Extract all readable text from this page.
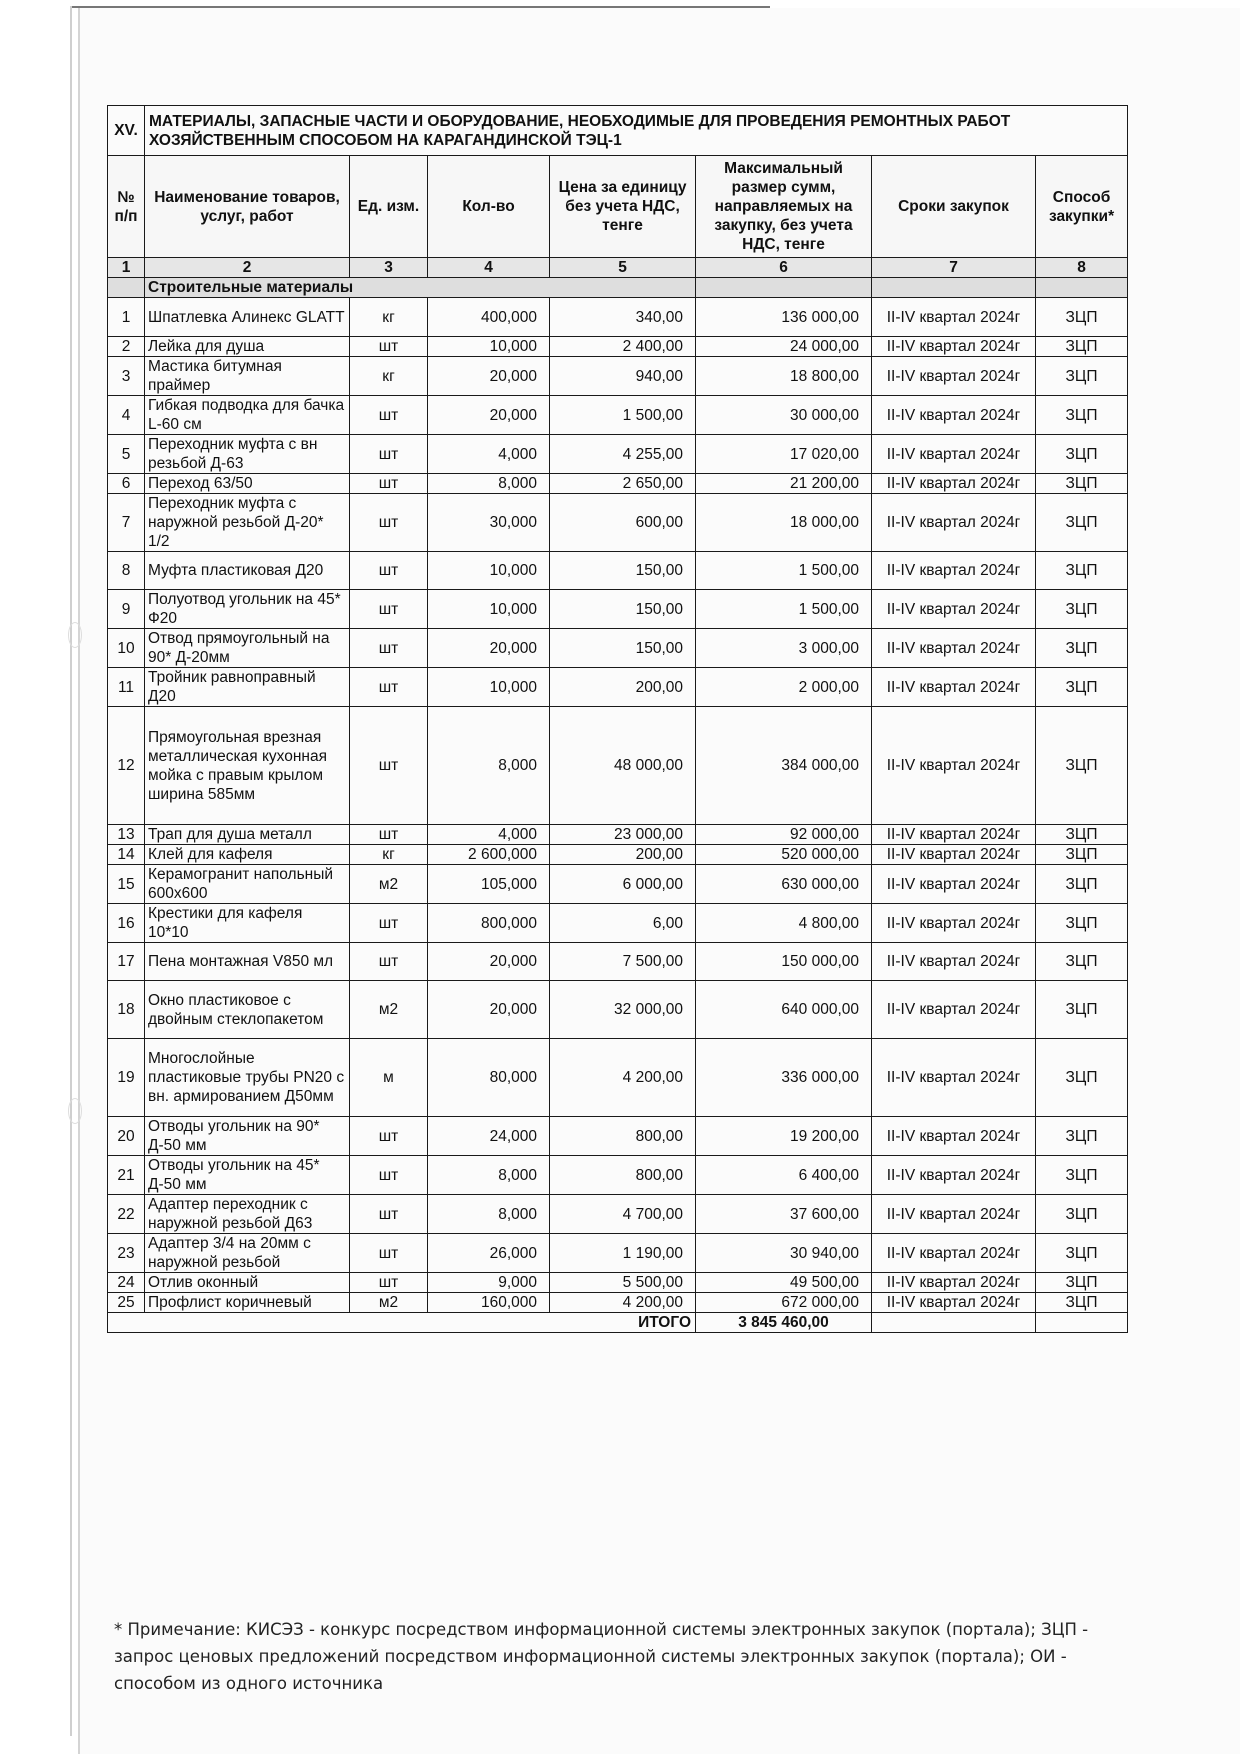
XV.	МАТЕРИАЛЫ, ЗАПАСНЫЕ ЧАСТИ И ОБОРУДОВАНИЕ, НЕОБХОДИМЫЕ ДЛЯ ПРОВЕДЕНИЯ РЕМОНТНЫХ РАБОТ ХОЗЯЙСТВЕННЫМ СПОСОБОМ НА КАРАГАНДИНСКОЙ ТЭЦ-1						
№ п/п	Наименование товаров, услуг, работ	Ед. изм.	Кол-во	Цена за единицу без учета НДС, тенге	Максимальный размер сумм, направляемых на закупку, без учета НДС, тенге	Сроки закупок	Способ закупки*
1	2	3	4	5	6	7	8
	Строительные материалы						
1	Шпатлевка Алинекс GLATT	кг	400,000	340,00	136 000,00	II-IV квартал 2024г	ЗЦП
2	Лейка для душа	шт	10,000	2 400,00	24 000,00	II-IV квартал 2024г	ЗЦП
3	Мастика битумная праймер	кг	20,000	940,00	18 800,00	II-IV квартал 2024г	ЗЦП
4	Гибкая подводка для бачка L-60 см	шт	20,000	1 500,00	30 000,00	II-IV квартал 2024г	ЗЦП
5	Переходник муфта с вн резьбой Д-63	шт	4,000	4 255,00	17 020,00	II-IV квартал 2024г	ЗЦП
6	Переход 63/50	шт	8,000	2 650,00	21 200,00	II-IV квартал 2024г	ЗЦП
7	Переходник муфта с наружной резьбой Д-20* 1/2	шт	30,000	600,00	18 000,00	II-IV квартал 2024г	ЗЦП
8	Муфта пластиковая Д20	шт	10,000	150,00	1 500,00	II-IV квартал 2024г	ЗЦП
9	Полуотвод угольник на 45* Ф20	шт	10,000	150,00	1 500,00	II-IV квартал 2024г	ЗЦП
10	Отвод прямоугольный на 90* Д-20мм	шт	20,000	150,00	3 000,00	II-IV квартал 2024г	ЗЦП
11	Тройник равноправный Д20	шт	10,000	200,00	2 000,00	II-IV квартал 2024г	ЗЦП
12	Прямоугольная врезная металлическая кухонная мойка с правым крылом ширина 585мм	шт	8,000	48 000,00	384 000,00	II-IV квартал 2024г	ЗЦП
13	Трап для душа металл	шт	4,000	23 000,00	92 000,00	II-IV квартал 2024г	ЗЦП
14	Клей для кафеля	кг	2 600,000	200,00	520 000,00	II-IV квартал 2024г	ЗЦП
15	Керамогранит напольный 600х600	м2	105,000	6 000,00	630 000,00	II-IV квартал 2024г	ЗЦП
16	Крестики для кафеля 10*10	шт	800,000	6,00	4 800,00	II-IV квартал 2024г	ЗЦП
17	Пена монтажная V850 мл	шт	20,000	7 500,00	150 000,00	II-IV квартал 2024г	ЗЦП
18	Окно пластиковое с двойным стеклопакетом	м2	20,000	32 000,00	640 000,00	II-IV квартал 2024г	ЗЦП
19	Многослойные пластиковые трубы PN20 с вн. армированием Д50мм	м	80,000	4 200,00	336 000,00	II-IV квартал 2024г	ЗЦП
20	Отводы угольник на 90* Д-50 мм	шт	24,000	800,00	19 200,00	II-IV квартал 2024г	ЗЦП
21	Отводы угольник на 45* Д-50 мм	шт	8,000	800,00	6 400,00	II-IV квартал 2024г	ЗЦП
22	Адаптер переходник с наружной резьбой Д63	шт	8,000	4 700,00	37 600,00	II-IV квартал 2024г	ЗЦП
23	Адаптер 3/4 на 20мм с наружной резьбой	шт	26,000	1 190,00	30 940,00	II-IV квартал 2024г	ЗЦП
24	Отлив оконный	шт	9,000	5 500,00	49 500,00	II-IV квартал 2024г	ЗЦП
25	Профлист коричневый	м2	160,000	4 200,00	672 000,00	II-IV квартал 2024г	ЗЦП
ИТОГО					3 845 460,00		
* Примечание: КИСЭЗ - конкурс посредством информационной системы электронных закупок (портала); ЗЦП - запрос ценовых предложений посредством информационной системы электронных закупок (портала); ОИ - способом из одного источника
